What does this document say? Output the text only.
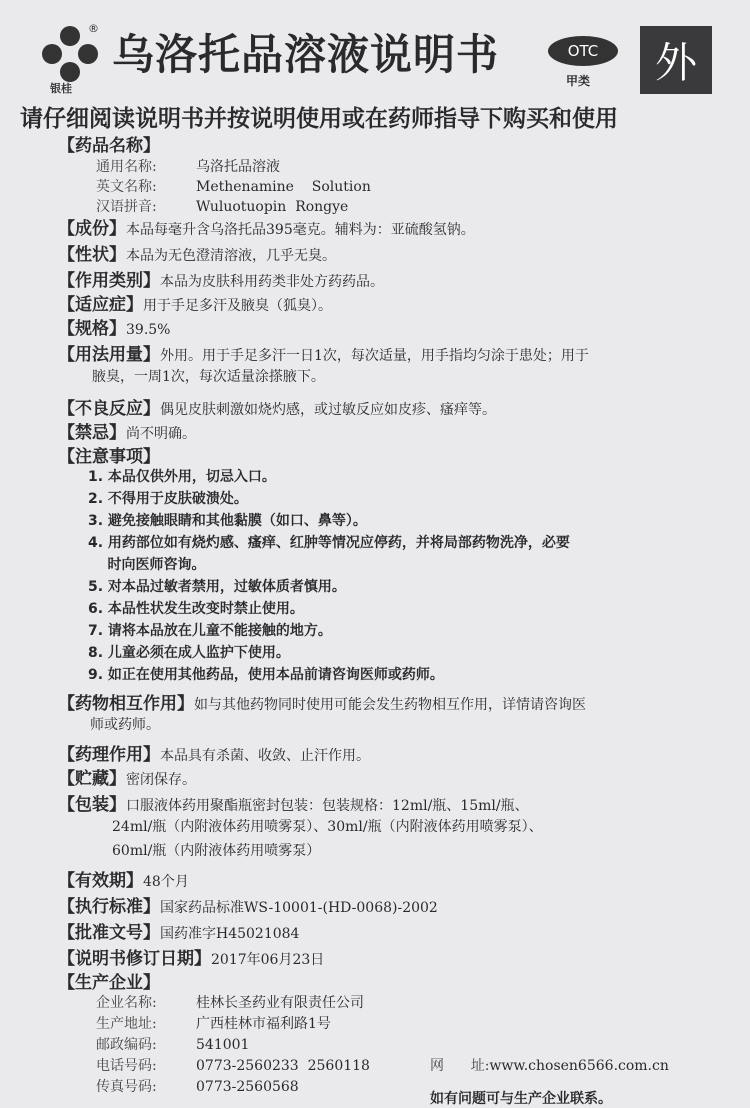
®
银桂
乌洛托品溶液说明书	OTC
甲类 外
请仔细阅读说明书并按说明使用或在药师指导下购买和使用
【药品名称】
通用名称:	乌洛托品溶液
英文名称:	Methenamine    Solution
汉语拼音:	Wuluotuopin  Rongye
【成份】本品每毫升含乌洛托品395毫克。辅料为：亚硫酸氢钠。
【性状】本品为无色澄清溶液，几乎无臭。
【作用类别】本品为皮肤科用药类非处方药药品。
【适应症】用于手足多汗及腋臭（狐臭）。
【规格】39.5%
【用法用量】外用。用于手足多汗一日1次，每次适量，用手指均匀涂于患处；用于
腋臭，一周1次，每次适量涂搽腋下。
【不良反应】偶见皮肤刺激如烧灼感，或过敏反应如皮疹、瘙痒等。
【禁忌】尚不明确。
【注意事项】
1. 本品仅供外用，切忌入口。
2. 不得用于皮肤破溃处。
3. 避免接触眼睛和其他黏膜（如口、鼻等）。
4. 用药部位如有烧灼感、瘙痒、红肿等情况应停药，并将局部药物洗净，必要
时向医师咨询。
5. 对本品过敏者禁用，过敏体质者慎用。
6. 本品性状发生改变时禁止使用。
7. 请将本品放在儿童不能接触的地方。
8. 儿童必须在成人监护下使用。
9. 如正在使用其他药品，使用本品前请咨询医师或药师。
【药物相互作用】如与其他药物同时使用可能会发生药物相互作用，详情请咨询医
师或药师。
【药理作用】本品具有杀菌、收敛、止汗作用。
【贮藏】密闭保存。
【包装】口服液体药用聚酯瓶密封包装：包装规格：12ml/瓶、15ml/瓶、
24ml/瓶（内附液体药用喷雾泵）、30ml/瓶（内附液体药用喷雾泵）、
60ml/瓶（内附液体药用喷雾泵）
【有效期】48个月
【执行标准】国家药品标准WS-10001-(HD-0068)-2002
【批准文号】国药准字H45021084
【说明书修订日期】2017年06月23日
【生产企业】
企业名称:	桂林长圣药业有限责任公司
生产地址:	广西桂林市福利路1号
邮政编码:	541001
电话号码:	0773-2560233  2560118
传真号码:	0773-2560568
网      址:www.chosen6566.com.cn
如有问题可与生产企业联系。
